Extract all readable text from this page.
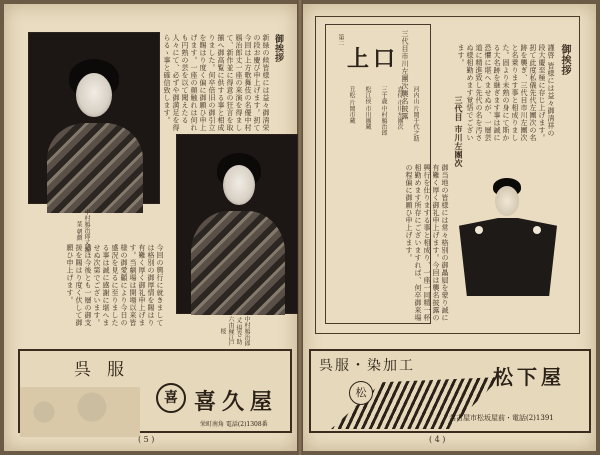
中村鴈治郎丈 嫁菜 朝顔
御挨拶
新緑の候皆様には益々御清栄の段お慶び申上げます。扨て今回は上方歌舞伎の名優中村鴈治郎丈一座の来演を得まして、新作並に得意の狂言を取揃へ御高覧に供する事と相成りました。何卒倍旧の御引立を賜はり度く偏に御願ひ申上げます。一座の顔触れは何れも円熟の芸を以て聞えたる人々にて、必ずや御満足を得らるゝ事と確信致します。
中村鴈治郎丈 揚巻 助六由縁江戸桜
今回の興行に就きましては格別の御厚情を賜はり有難く厚く御礼申上げます。当劇場は開場以来皆様の御愛顧により今日の盛況を見るに至りましたる事は誠に感謝に堪へませぬ次第でございます。猶ほ今後とも一層の御支援を賜はり度く伏して御願ひ申上げます。
呉服
喜 喜久屋
栄町南角 電話(2)1308番
( 5 )
三代目市川左團次襲名披露
上口
第二
河内山 片岡千代之助
直侍 市川左團次
三千歳 中村鴈治郎
松江侯 市川團蔵
丑松 片岡市蔵
御挨拶
謹啓 皆様には益々御清祥の段大慶至極に存じ上げます。扨て此度私儀先代左團次の名跡を襲ぎ、三代目市川左團次と名乗ります事と相成りました。固より未熟の身にて斯かる大名跡を継ぎます事は誠に恐懼に堪へませぬが、一層芸道に精進致し先代の名を汚さぬ様相勤めます覚悟でございます。
三代目 市川左團次
御当地の皆様には常々格別の御贔屓を蒙り誠に有難く厚く御礼申上げます。今回は襲名披露の興行を仕りまする事と相成り、一座一同精一杯相勤めます所存にございますれば、何卒御来場の程偏に御願ひ申上げます。
呉服・染加工
松
松下屋
名古屋市松坂屋前・電話(2)1391
( 4 )
